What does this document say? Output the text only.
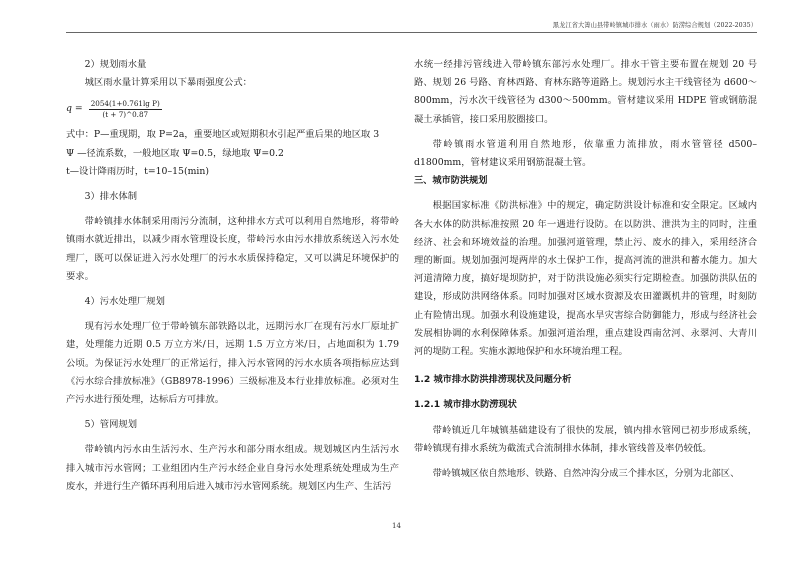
黑龙江省大箐山县带岭镇城市排水（雨水）防涝综合规划（2022-2035）

2）规划雨水量

城区雨水量计算采用以下暴雨强度公式：

$q = \frac{\text{2054(1+0.761lg P)}}{(t + 7)\^{}0.87}$

式中：P—重现期，取 P=2a，重要地区或短期积水引起严重后果的地区取 3

Ψ —径流系数，一般地区取 Ψ=0.5，绿地取 Ψ=0.2

t—设计降雨历时，t=10–15(min)

3）排水体制

带岭镇排水体制采用雨污分流制，这种排水方式可以利用自然地形，将带岭镇雨水就近排出，以减少雨水管理设长度，带岭污水由污水排放系统送入污水处理厂，既可以保证进入污水处理厂的污水水质保持稳定，又可以满足环境保护的要求。

4）污水处理厂规划

现有污水处理厂位于带岭镇东部铁路以北，远期污水厂在现有污水厂原址扩建，处理能力近期 0.5 万立方米/日，远期 1.5 万立方米/日，占地面积为 1.79 公顷。为保证污水处理厂的正常运行，排入污水管网的污水水质各项指标应达到《污水综合排放标准》（GB8978-1996）三级标准及本行业排放标准。必须对生产污水进行预处理，达标后方可排放。

5）管网规划

带岭镇内污水由生活污水、生产污水和部分雨水组成。规划城区内生活污水排入城市污水管网；工业组团内生产污水经企业自身污水处理系统处理成为生产废水，并进行生产循环再利用后进入城市污水管网系统。规划区内生产、生活污

水统一经排污管线进入带岭镇东部污水处理厂。排水干管主要布置在规划 20 号路、规划 26 号路、育林西路、育林东路等道路上。规划污水主干线管径为 d600～800mm，污水次干线管径为 d300～500mm。管材建议采用 HDPE 管或钢筋混凝土承插管，接口采用胶圈接口。

带岭镇雨水管道利用自然地形，依靠重力流排放，雨水管管径 d500–d1800mm，管材建议采用钢筋混凝土管。

三、城市防洪规划

根据国家标准《防洪标准》中的规定，确定防洪设计标准和安全限定。区域内各大水体的防洪标准按照 20 年一遇进行设防。在以防洪、泄洪为主的同时，注重经济、社会和环境效益的治理。加强河道管理，禁止污、废水的排入，采用经济合理的断面。规划加强河堤两岸的水土保护工作，提高河流的泄洪和蓄水能力。加大河道清障力度，搞好堤坝防护，对于防洪设施必须实行定期检查。加强防洪队伍的建设，形成防洪网络体系。同时加强对区域水资源及农田灌溉机井的管理，时刻防止有险情出现。加强水利设施建设，提高水旱灾害综合防御能力，形成与经济社会发展相协调的水利保障体系。加强河道治理，重点建设西南岔河、永翠河、大青川河的堤防工程。实施水源地保护和水环境治理工程。

1.2 城市排水防洪排涝现状及问题分析

1.2.1 城市排水防涝现状

带岭镇近几年城镇基础建设有了很快的发展，镇内排水管网已初步形成系统，带岭镇现有排水系统为截流式合流制排水体制，排水管线普及率仍较低。

带岭镇城区依自然地形、铁路、自然冲沟分成三个排水区，分别为北部区、

14
